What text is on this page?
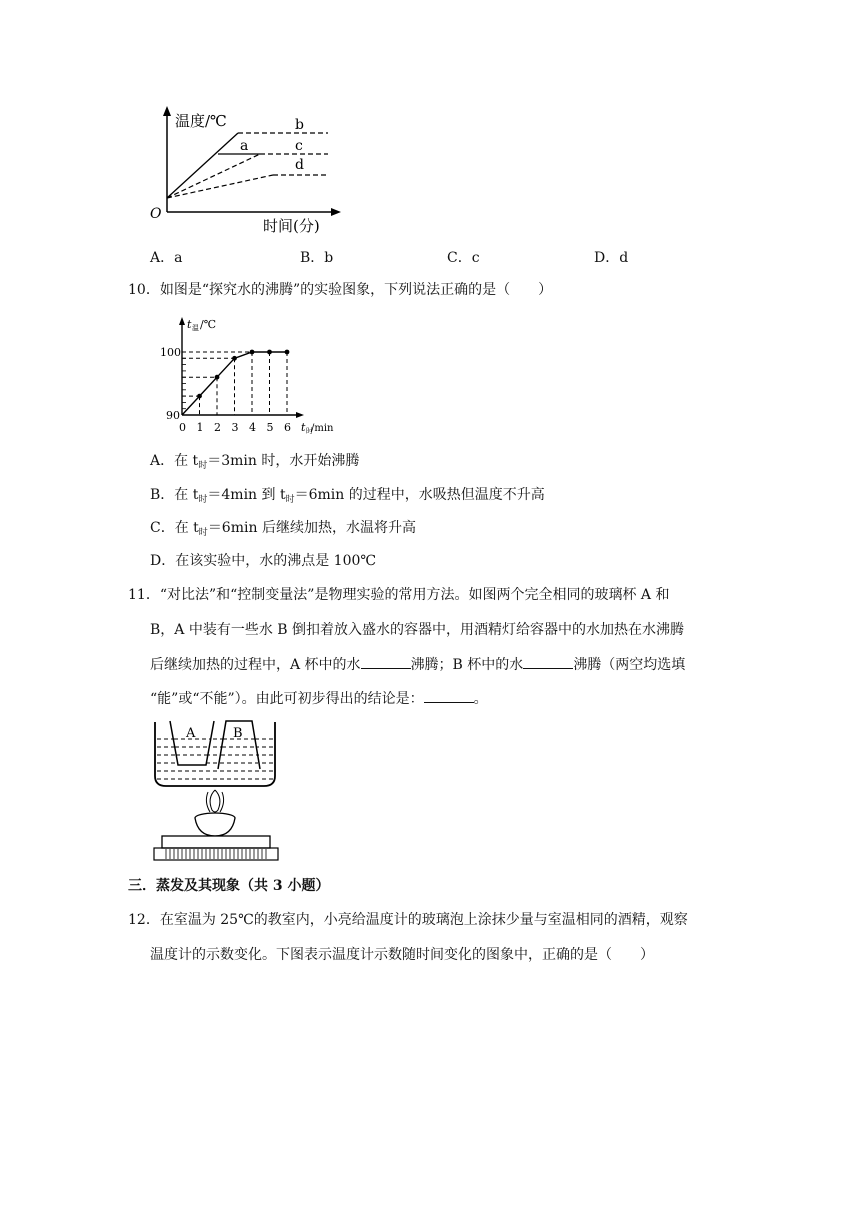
温度/℃
时间(分)
O
a
b
c
d
A．a	B．b	C．c	D．d
10．如图是“探究水的沸腾”的实验图象，下列说法正确的是（　　）
0 1 2 3 4 5 6
100
90
t 温 /℃
t 时
/min
A．在 $t_时=3\min$ 时，水开始沸腾
B．在 $t_时=4\min$ 到 $t_时=6\min$ 的过程中，水吸热但温度不升高
C．在 $t_时=6\min$ 后继续加热，水温将升高
D．在该实验中，水的沸点是 100℃
11．“对比法”和“控制变量法”是物理实验的常用方法。如图两个完全相同的玻璃杯 A 和
B，A 中装有一些水 B 倒扣着放入盛水的容器中，用酒精灯给容器中的水加热在水沸腾
后继续加热的过程中，A 杯中的水	沸腾；B 杯中的水	沸腾（两空均选填
“能”或“不能”）。由此可初步得出的结论是：	。
A	B
三．蒸发及其现象（共 3 小题）
12．在室温为 25℃的教室内，小亮给温度计的玻璃泡上涂抹少量与室温相同的酒精，观察
温度计的示数变化。下图表示温度计示数随时间变化的图象中，正确的是（　　）
